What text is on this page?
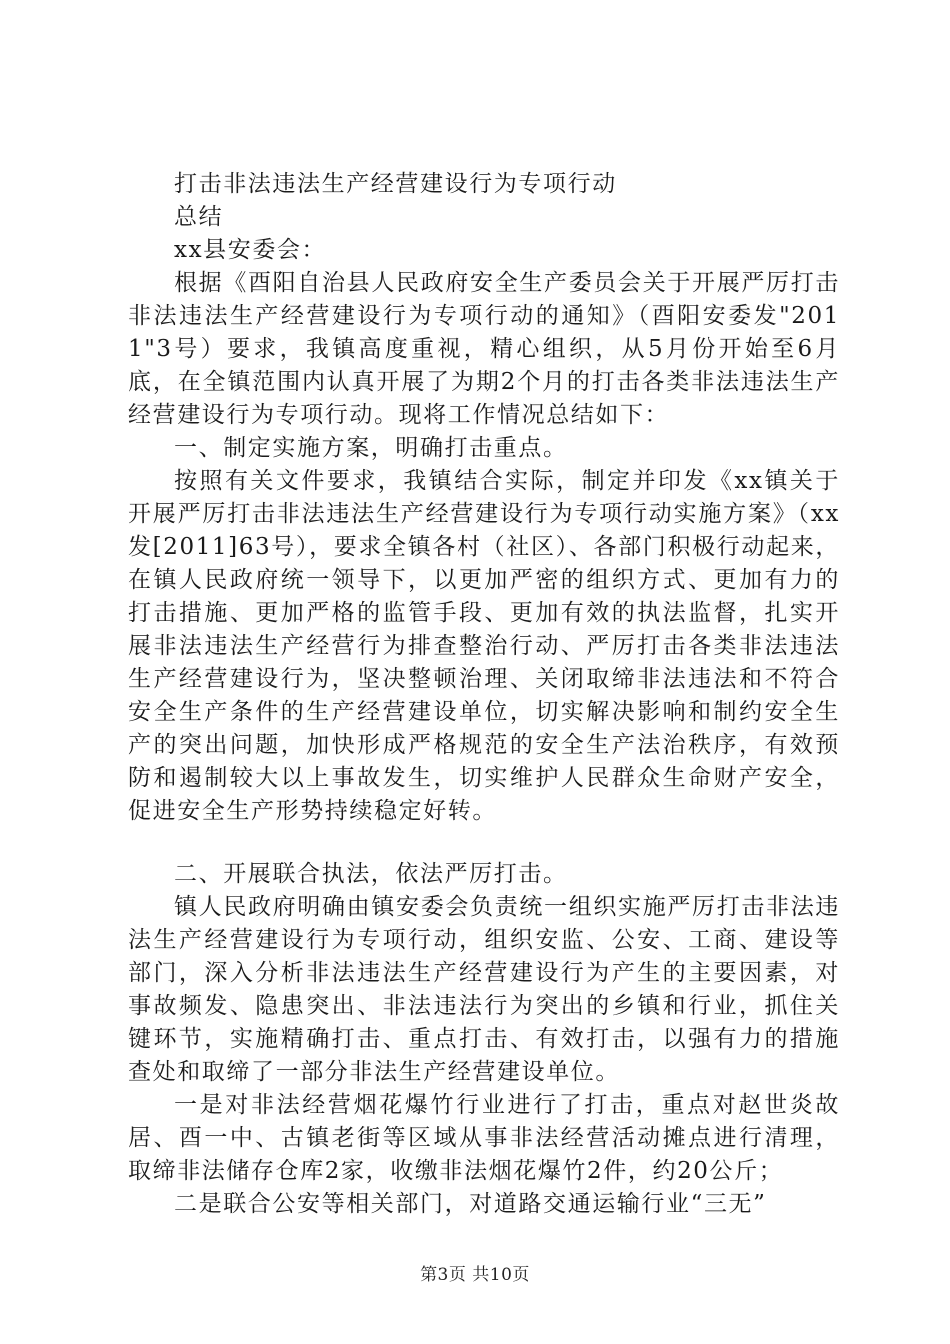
打击非法违法生产经营建设行为专项行动

总结

xx县安委会：

根据《酉阳自治县人民政府安全生产委员会关于开展严厉打击非法违法生产经营建设行为专项行动的通知》（酉阳安委发"2011"3号）要求，我镇高度重视，精心组织，从5月份开始至6月底，在全镇范围内认真开展了为期2个月的打击各类非法违法生产经营建设行为专项行动。现将工作情况总结如下：

一、制定实施方案，明确打击重点。

按照有关文件要求，我镇结合实际，制定并印发《xx镇关于开展严厉打击非法违法生产经营建设行为专项行动实施方案》（xx发[2011]63号），要求全镇各村（社区）、各部门积极行动起来，在镇人民政府统一领导下，以更加严密的组织方式、更加有力的打击措施、更加严格的监管手段、更加有效的执法监督，扎实开展非法违法生产经营行为排查整治行动、严厉打击各类非法违法生产经营建设行为，坚决整顿治理、关闭取缔非法违法和不符合安全生产条件的生产经营建设单位，切实解决影响和制约安全生产的突出问题，加快形成严格规范的安全生产法治秩序，有效预防和遏制较大以上事故发生，切实维护人民群众生命财产安全，促进安全生产形势持续稳定好转。

二、开展联合执法，依法严厉打击。

镇人民政府明确由镇安委会负责统一组织实施严厉打击非法违法生产经营建设行为专项行动，组织安监、公安、工商、建设等部门，深入分析非法违法生产经营建设行为产生的主要因素，对事故频发、隐患突出、非法违法行为突出的乡镇和行业，抓住关键环节，实施精确打击、重点打击、有效打击，以强有力的措施查处和取缔了一部分非法生产经营建设单位。

一是对非法经营烟花爆竹行业进行了打击，重点对赵世炎故居、酉一中、古镇老街等区域从事非法经营活动摊点进行清理，取缔非法储存仓库2家，收缴非法烟花爆竹2件，约20公斤；

二是联合公安等相关部门，对道路交通运输行业“三无”

第3页 共10页
